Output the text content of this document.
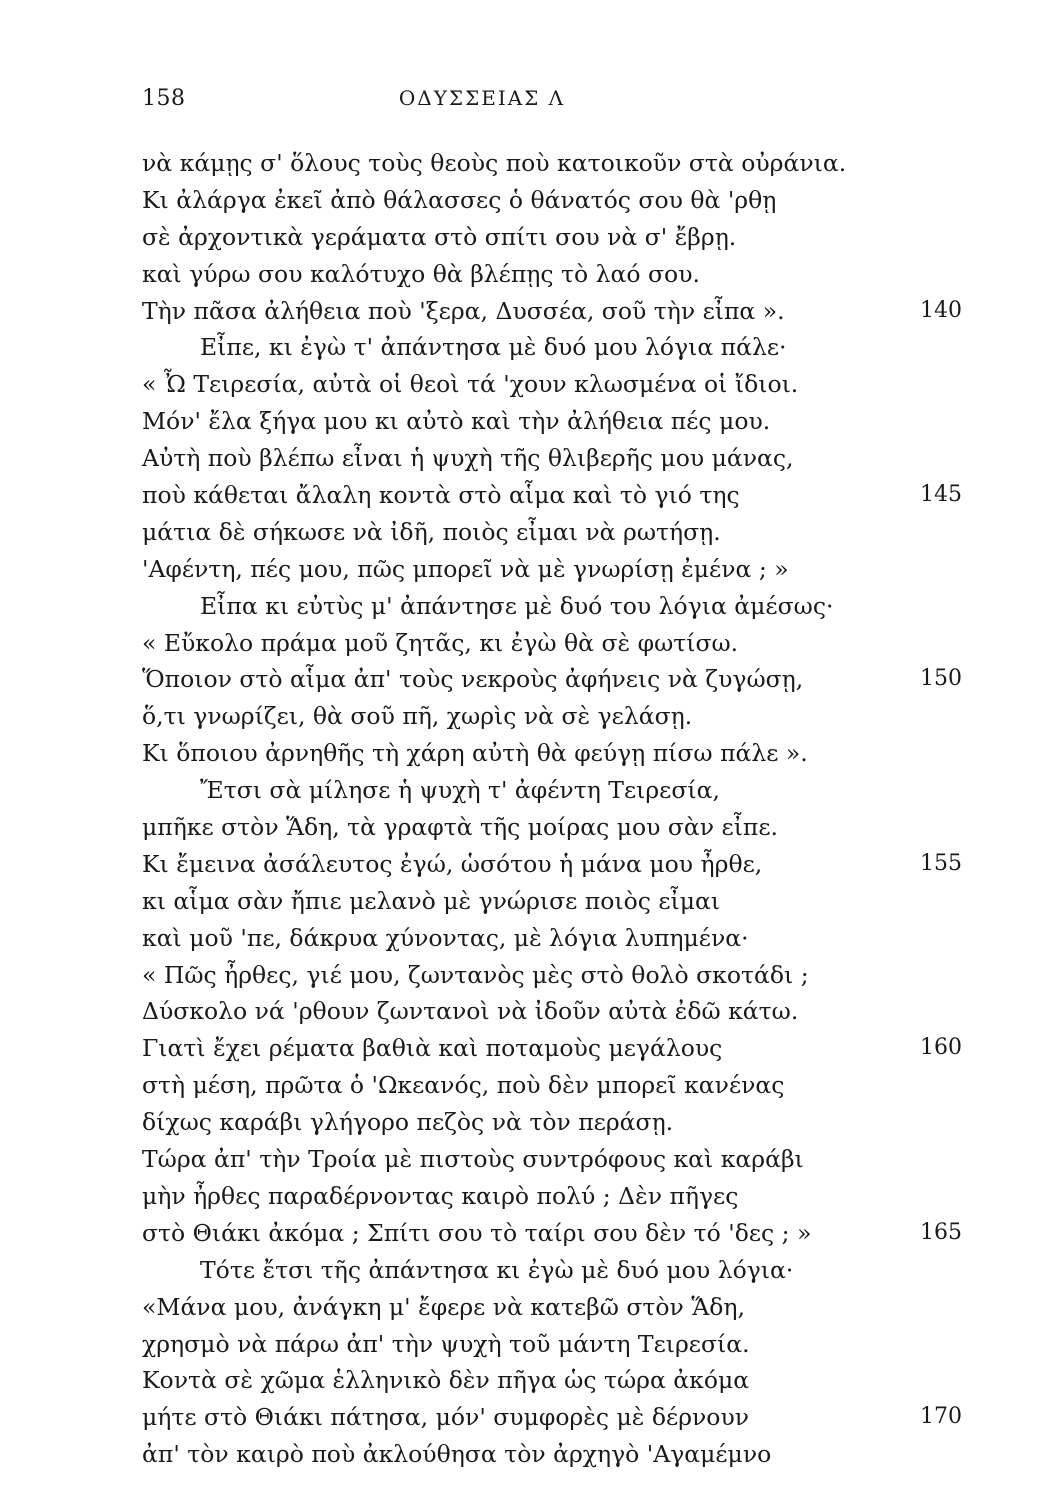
158	ΟΔΥΣΣΕΙΑΣ Λ
νὰ κάμῃς σ' ὅλους τοὺς θεοὺς ποὺ κατοικοῦν στὰ οὐράνια.
Κι ἀλάργα ἐκεῖ ἀπὸ θάλασσες ὁ θάνατός σου θὰ 'ρθῃ
σὲ ἀρχοντικὰ γεράματα στὸ σπίτι σου νὰ σ' ἔβρῃ.
καὶ γύρω σου καλότυχο θὰ βλέπῃς τὸ λαό σου.
Τὴν πᾶσα ἀλήθεια ποὺ 'ξερα, Δυσσέα, σοῦ τὴν εἶπα ».	140
Εἶπε, κι ἐγὼ τ' ἀπάντησα μὲ δυό μου λόγια πάλε·
« Ὦ Τειρεσία, αὐτὰ οἱ θεοὶ τά 'χουν κλωσμένα οἱ ἴδιοι.
Μόν' ἔλα ξήγα μου κι αὐτὸ καὶ τὴν ἀλήθεια πές μου.
Αὐτὴ ποὺ βλέπω εἶναι ἡ ψυχὴ τῆς θλιβερῆς μου μάνας,
ποὺ κάθεται ἄλαλη κοντὰ στὸ αἷμα καὶ τὸ γιό της	145
μάτια δὲ σήκωσε νὰ ἰδῆ, ποιὸς εἶμαι νὰ ρωτήσῃ.
'Αφέντη, πές μου, πῶς μπορεῖ νὰ μὲ γνωρίσῃ ἐμένα ; »
Εἶπα κι εὐτὺς μ' ἀπάντησε μὲ δυό του λόγια ἀμέσως·
« Εὔκολο πράμα μοῦ ζητᾶς, κι ἐγὼ θὰ σὲ φωτίσω.
Ὅποιον στὸ αἷμα ἀπ' τοὺς νεκροὺς ἀφήνεις νὰ ζυγώσῃ,	150
ὅ,τι γνωρίζει, θὰ σοῦ πῆ, χωρὶς νὰ σὲ γελάσῃ.
Κι ὅποιου ἀρνηθῆς τὴ χάρη αὐτὴ θὰ φεύγῃ πίσω πάλε ».
Ἔτσι σὰ μίλησε ἡ ψυχὴ τ' ἀφέντη Τειρεσία,
μπῆκε στὸν Ἅδη, τὰ γραφτὰ τῆς μοίρας μου σὰν εἶπε.
Κι ἔμεινα ἀσάλευτος ἐγώ, ὡσότου ἡ μάνα μου ἦρθε,	155
κι αἷμα σὰν ἤπιε μελανὸ μὲ γνώρισε ποιὸς εἶμαι
καὶ μοῦ 'πε, δάκρυα χύνοντας, μὲ λόγια λυπημένα·
« Πῶς ἦρθες, γιέ μου, ζωντανὸς μὲς στὸ θολὸ σκοτάδι ;
Δύσκολο νά 'ρθουν ζωντανοὶ νὰ ἰδοῦν αὐτὰ ἐδῶ κάτω.
Γιατὶ ἔχει ρέματα βαθιὰ καὶ ποταμοὺς μεγάλους	160
στὴ μέση, πρῶτα ὁ 'Ωκεανός, ποὺ δὲν μπορεῖ κανένας
δίχως καράβι γλήγορο πεζὸς νὰ τὸν περάσῃ.
Τώρα ἀπ' τὴν Τροία μὲ πιστοὺς συντρόφους καὶ καράβι
μὴν ἦρθες παραδέρνοντας καιρὸ πολύ ; Δὲν πῆγες
στὸ Θιάκι ἀκόμα ; Σπίτι σου τὸ ταίρι σου δὲν τό 'δες ; »	165
Τότε ἔτσι τῆς ἀπάντησα κι ἐγὼ μὲ δυό μου λόγια·
«Μάνα μου, ἀνάγκη μ' ἔφερε νὰ κατεβῶ στὸν Ἅδη,
χρησμὸ νὰ πάρω ἀπ' τὴν ψυχὴ τοῦ μάντη Τειρεσία.
Κοντὰ σὲ χῶμα ἑλληνικὸ δὲν πῆγα ὡς τώρα ἀκόμα
μήτε στὸ Θιάκι πάτησα, μόν' συμφορὲς μὲ δέρνουν	170
ἀπ' τὸν καιρὸ ποὺ ἀκλούθησα τὸν ἀρχηγὸ 'Αγαμέμνο
